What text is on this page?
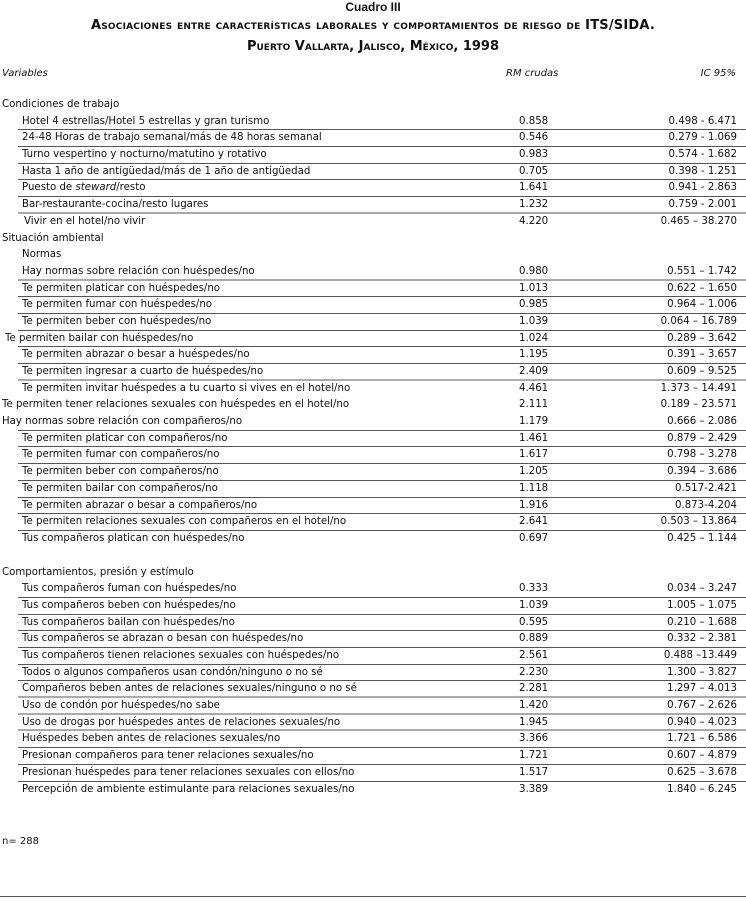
Cuadro III
Asociaciones entre características laborales y comportamientos de riesgo de ITS/SIDA.
Puerto Vallarta, Jalisco, México, 1998
Variables	RM crudas	IC 95%
Condiciones de trabajo
Hotel 4 estrellas/Hotel 5 estrellas y gran turismo	0.858	0.498 - 6.471
24-48 Horas de trabajo semanal/más de 48 horas semanal	0.546	0.279 - 1.069
Turno vespertino y nocturno/matutino y rotativo	0.983	0.574 - 1.682
Hasta 1 año de antigüedad/más de 1 año de antigüedad	0.705	0.398 - 1.251
Puesto de steward/resto	1.641	0.941 - 2.863
Bar-restaurante-cocina/resto lugares	1.232	0.759 - 2.001
Vivir en el hotel/no vivir	4.220	0.465 – 38.270
Situación ambiental
Normas
Hay normas sobre relación con huéspedes/no	0.980	0.551 – 1.742
Te permiten platicar con huéspedes/no	1.013	0.622 – 1.650
Te permiten fumar con huéspedes/no	0.985	0.964 – 1.006
Te permiten beber con huéspedes/no	1.039	0.064 – 16.789
Te permiten bailar con huéspedes/no	1.024	0.289 – 3.642
Te permiten abrazar o besar a huéspedes/no	1.195	0.391 – 3.657
Te permiten ingresar a cuarto de huéspedes/no	2.409	0.609 – 9.525
Te permiten invitar huéspedes a tu cuarto si vives en el hotel/no	4.461	1.373 – 14.491
Te permiten tener relaciones sexuales con huéspedes en el hotel/no	2.111	0.189 – 23.571
Hay normas sobre relación con compañeros/no	1.179	0.666 – 2.086
Te permiten platicar con compañeros/no	1.461	0.879 – 2.429
Te permiten fumar con compañeros/no	1.617	0.798 – 3.278
Te permiten beber con compañeros/no	1.205	0.394 – 3.686
Te permiten bailar con compañeros/no	1.118	0.517-2.421
Te permiten abrazar o besar a compañeros/no	1.916	0.873-4.204
Te permiten relaciones sexuales con compañeros en el hotel/no	2.641	0.503 – 13.864
Tus compañeros platican con huéspedes/no	0.697	0.425 – 1.144
Comportamientos, presión y estímulo
Tus compañeros fuman con huéspedes/no	0.333	0.034 – 3.247
Tus compañeros beben con huéspedes/no	1.039	1.005 – 1.075
Tus compañeros bailan con huéspedes/no	0.595	0.210 – 1.688
Tus compañeros se abrazan o besan con huéspedes/no	0.889	0.332 – 2.381
Tus compañeros tienen relaciones sexuales con huéspedes/no	2.561	0.488 –13.449
Todos o algunos compañeros usan condón/ninguno o no sé	2.230	1.300 – 3.827
Compañeros beben antes de relaciones sexuales/ninguno o no sé	2.281	1.297 – 4.013
Uso de condón por huéspedes/no sabe	1.420	0.767 – 2.626
Uso de drogas por huéspedes antes de relaciones sexuales/no	1.945	0.940 – 4.023
Huéspedes beben antes de relaciones sexuales/no	3.366	1.721 – 6.586
Presionan compañeros para tener relaciones sexuales/no	1.721	0.607 – 4.879
Presionan huéspedes para tener relaciones sexuales con ellos/no	1.517	0.625 – 3.678
Percepción de ambiente estimulante para relaciones sexuales/no	3.389	1.840 – 6.245
n= 288
